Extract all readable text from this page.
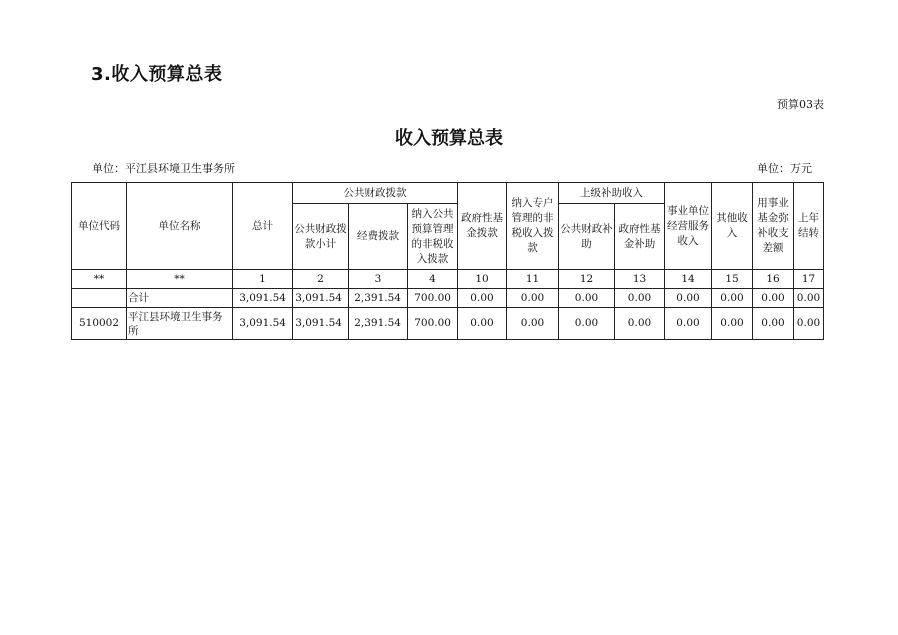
3.收入预算总表
预算03表
收入预算总表
单位：平江县环境卫生事务所	单位：万元
单位代码	单位名称	总计	公共财政拨款			政府性基金拨款	纳入专户管理的非税收入拨款	上级补助收入		事业单位经营服务收入	其他收入	用事业基金弥补收支差额	上年结转
			公共财政拨款小计	经费拨款	纳入公共预算管理的非税收入拨款			公共财政补助	政府性基金补助				
**	**	1	2	3	4	10	11	12	13	14	15	16	17
	合计	3,091.54	3,091.54	2,391.54	700.00	0.00	0.00	0.00	0.00	0.00	0.00	0.00	0.00
510002	平江县环境卫生事务所	3,091.54	3,091.54	2,391.54	700.00	0.00	0.00	0.00	0.00	0.00	0.00	0.00	0.00
